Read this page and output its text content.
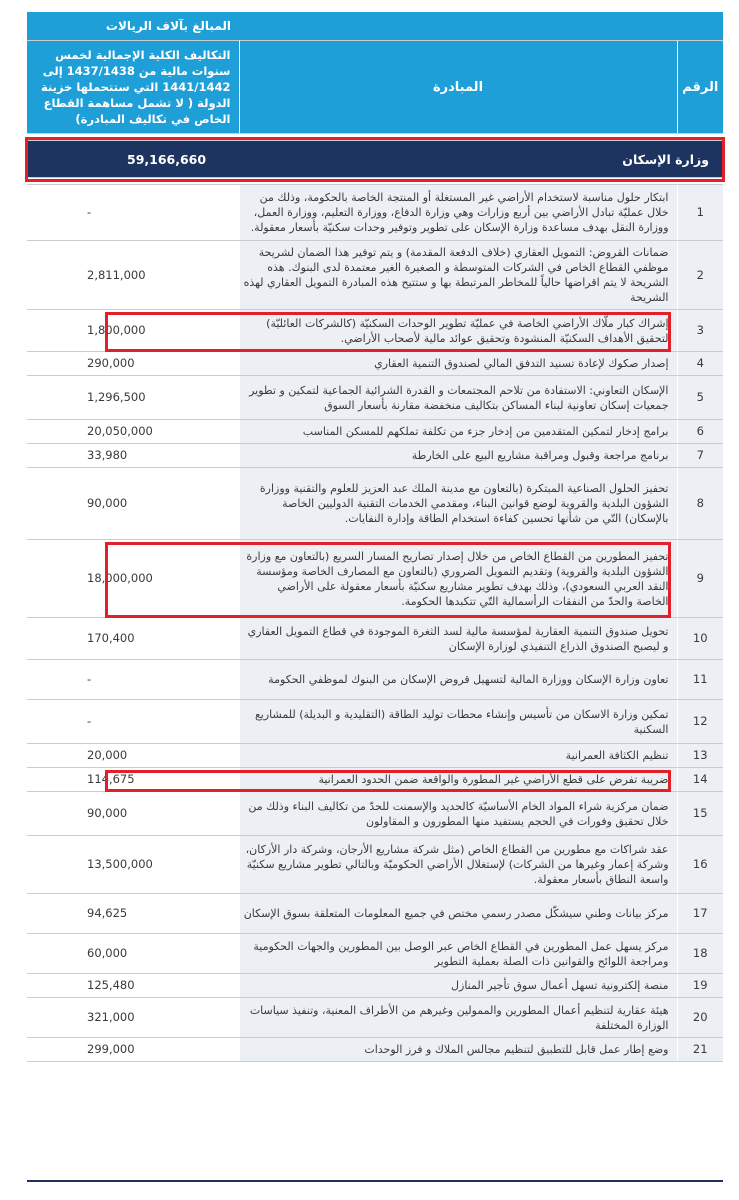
		المبالغ بآلاف الريالات
الرقم	المبادرة	التكاليف الكلية الإجمالية لخمس سنوات مالية من 1437/1438 إلى 1441/1442 التي ستتحملها خزينة الدولة ( لا تشمل مساهمة القطاع الخاص في تكاليف المبادرة)

وزارة الإسكان		59,166,660

1	ابتكار حلول مناسبة لاستخدام الأراضي غير المستغلة أو المنتجة الخاصة بالحكومة، وذلك من خلال عمليّة تبادل الأراضي بين أربع وزارات وهي وزارة الدفاع، ووزارة التعليم، ووزارة العمل، ووزارة النقل بهدف مساعدة وزارة الإسكان على تطوير وتوفير وحدات سكنيّة بأسعار معقولة.	-
2	ضمانات القروض: التمويل العقاري (خلاف الدفعة المقدمة) و يتم توفير هذا الضمان لشريحة موظفي القطاع الخاص في الشركات المتوسطة و الصغيرة الغير معتمدة لدى البنوك. هذه الشريحة لا يتم اقراضها حالياً للمخاطر المرتبطة بها و ستتيح هذه المبادرة التمويل العقاري لهذه الشريحة	2,811,000
3	إشراك كبار ملّاك الأراضي الخاصة في عمليّة تطوير الوحدات السكنيّة (كالشركات العائليّة) لتحقيق الأهداف السكنيّة المنشودة وتحقيق عوائد مالية لأصحاب الأراضي.	1,800,000
4	إصدار صكوك لإعادة تسنيد التدفق المالي لصندوق التنمية العقاري	290,000
5	الإسكان التعاوني: الاستفادة من تلاحم المجتمعات و القدرة الشرائية الجماعية لتمكين و تطوير جمعيات إسكان تعاونية لبناء المساكن بتكاليف منخفضة مقارنة بأسعار السوق	1,296,500
6	برامج إدخار لتمكين المتقدمين من إدخار جزء من تكلفة تملكهم للمسكن المناسب	20,050,000
7	برنامج مراجعة وقبول ومراقبة مشاريع البيع على الخارطة	33,980
8	تحفيز الحلول الصناعية المبتكرة (بالتعاون مع مدينة الملك عبد العزيز للعلوم والتقنية ووزارة الشؤون البلدية والقروية لوضع قوانين البناء، ومقدمي الخدمات التقنية الدوليين الخاصة بالإسكان) التّي من شأنها تحسين كفاءة استخدام الطاقة وإدارة النفايات.	90,000
9	تحفيز المطورين من القطاع الخاص من خلال إصدار تصاريح المسار السريع (بالتعاون مع وزارة الشؤون البلدية والقروية) وتقديم التمويل الضروري (بالتعاون مع المصارف الخاصة ومؤسسة النقد العربي السعودي)، وذلك بهدف تطوير مشاريع سكنيّة بأسعار معقولة على الأراضي الخاصة والحدّ من النفقات الرأسمالية التّي تتكبدها الحكومة.	18,000,000
10	تحويل صندوق التنمية العقارية لمؤسسة مالية لسد الثغرة الموجودة في قطاع التمويل العقاري و ليصبح الصندوق الذراع التنفيذي لوزارة الإسكان	170,400
11	تعاون وزارة الإسكان ووزارة المالية لتسهيل قروض الإسكان من البنوك لموظفي الحكومة	-
12	تمكين وزارة الاسكان من تأسيس وإنشاء محطات توليد الطاقة (التقليدية و البديلة) للمشاريع السكنية	-
13	تنظيم الكثافة العمرانية	20,000
14	ضريبة تفرض على قطع الأراضي غير المطورة والواقعة ضمن الحدود العمرانية	114,675
15	ضمان مركزية شراء المواد الخام الأساسيّة كالحديد والإسمنت للحدّ من تكاليف البناء وذلك من خلال تحقيق وفورات في الحجم يستفيد منها المطورون و المقاولون	90,000
16	عقد شراكات مع مطورين من القطاع الخاص (مثل شركة مشاريع الأرجان، وشركة دار الأركان، وشركة إعمار وغيرها من الشركات) لإستغلال الأراضي الحكوميّة وبالتالي تطوير مشاريع سكنيّة واسعة النطاق بأسعار معقولة.	13,500,000
17	مركز بيانات وطني سيشكّل مصدر رسمي مختص في جميع المعلومات المتعلقة بسوق الإسكان	94,625
18	مركز يسهل عمل المطورين في القطاع الخاص عبر الوصل بين المطورين والجهات الحكومية ومراجعة اللوائح والقوانين ذات الصلة بعملية التطوير	60,000
19	منصة إلكترونية تسهل أعمال سوق تأجير المنازل	125,480
20	هيئة عقارية لتنظيم أعمال المطورين والممولين وغيرهم من الأطراف المعنية، وتنفيذ سياسات الوزارة المختلفة	321,000
21	وضع إطار عمل قابل للتطبيق لتنظيم مجالس الملاك و فرز الوحدات	299,000
